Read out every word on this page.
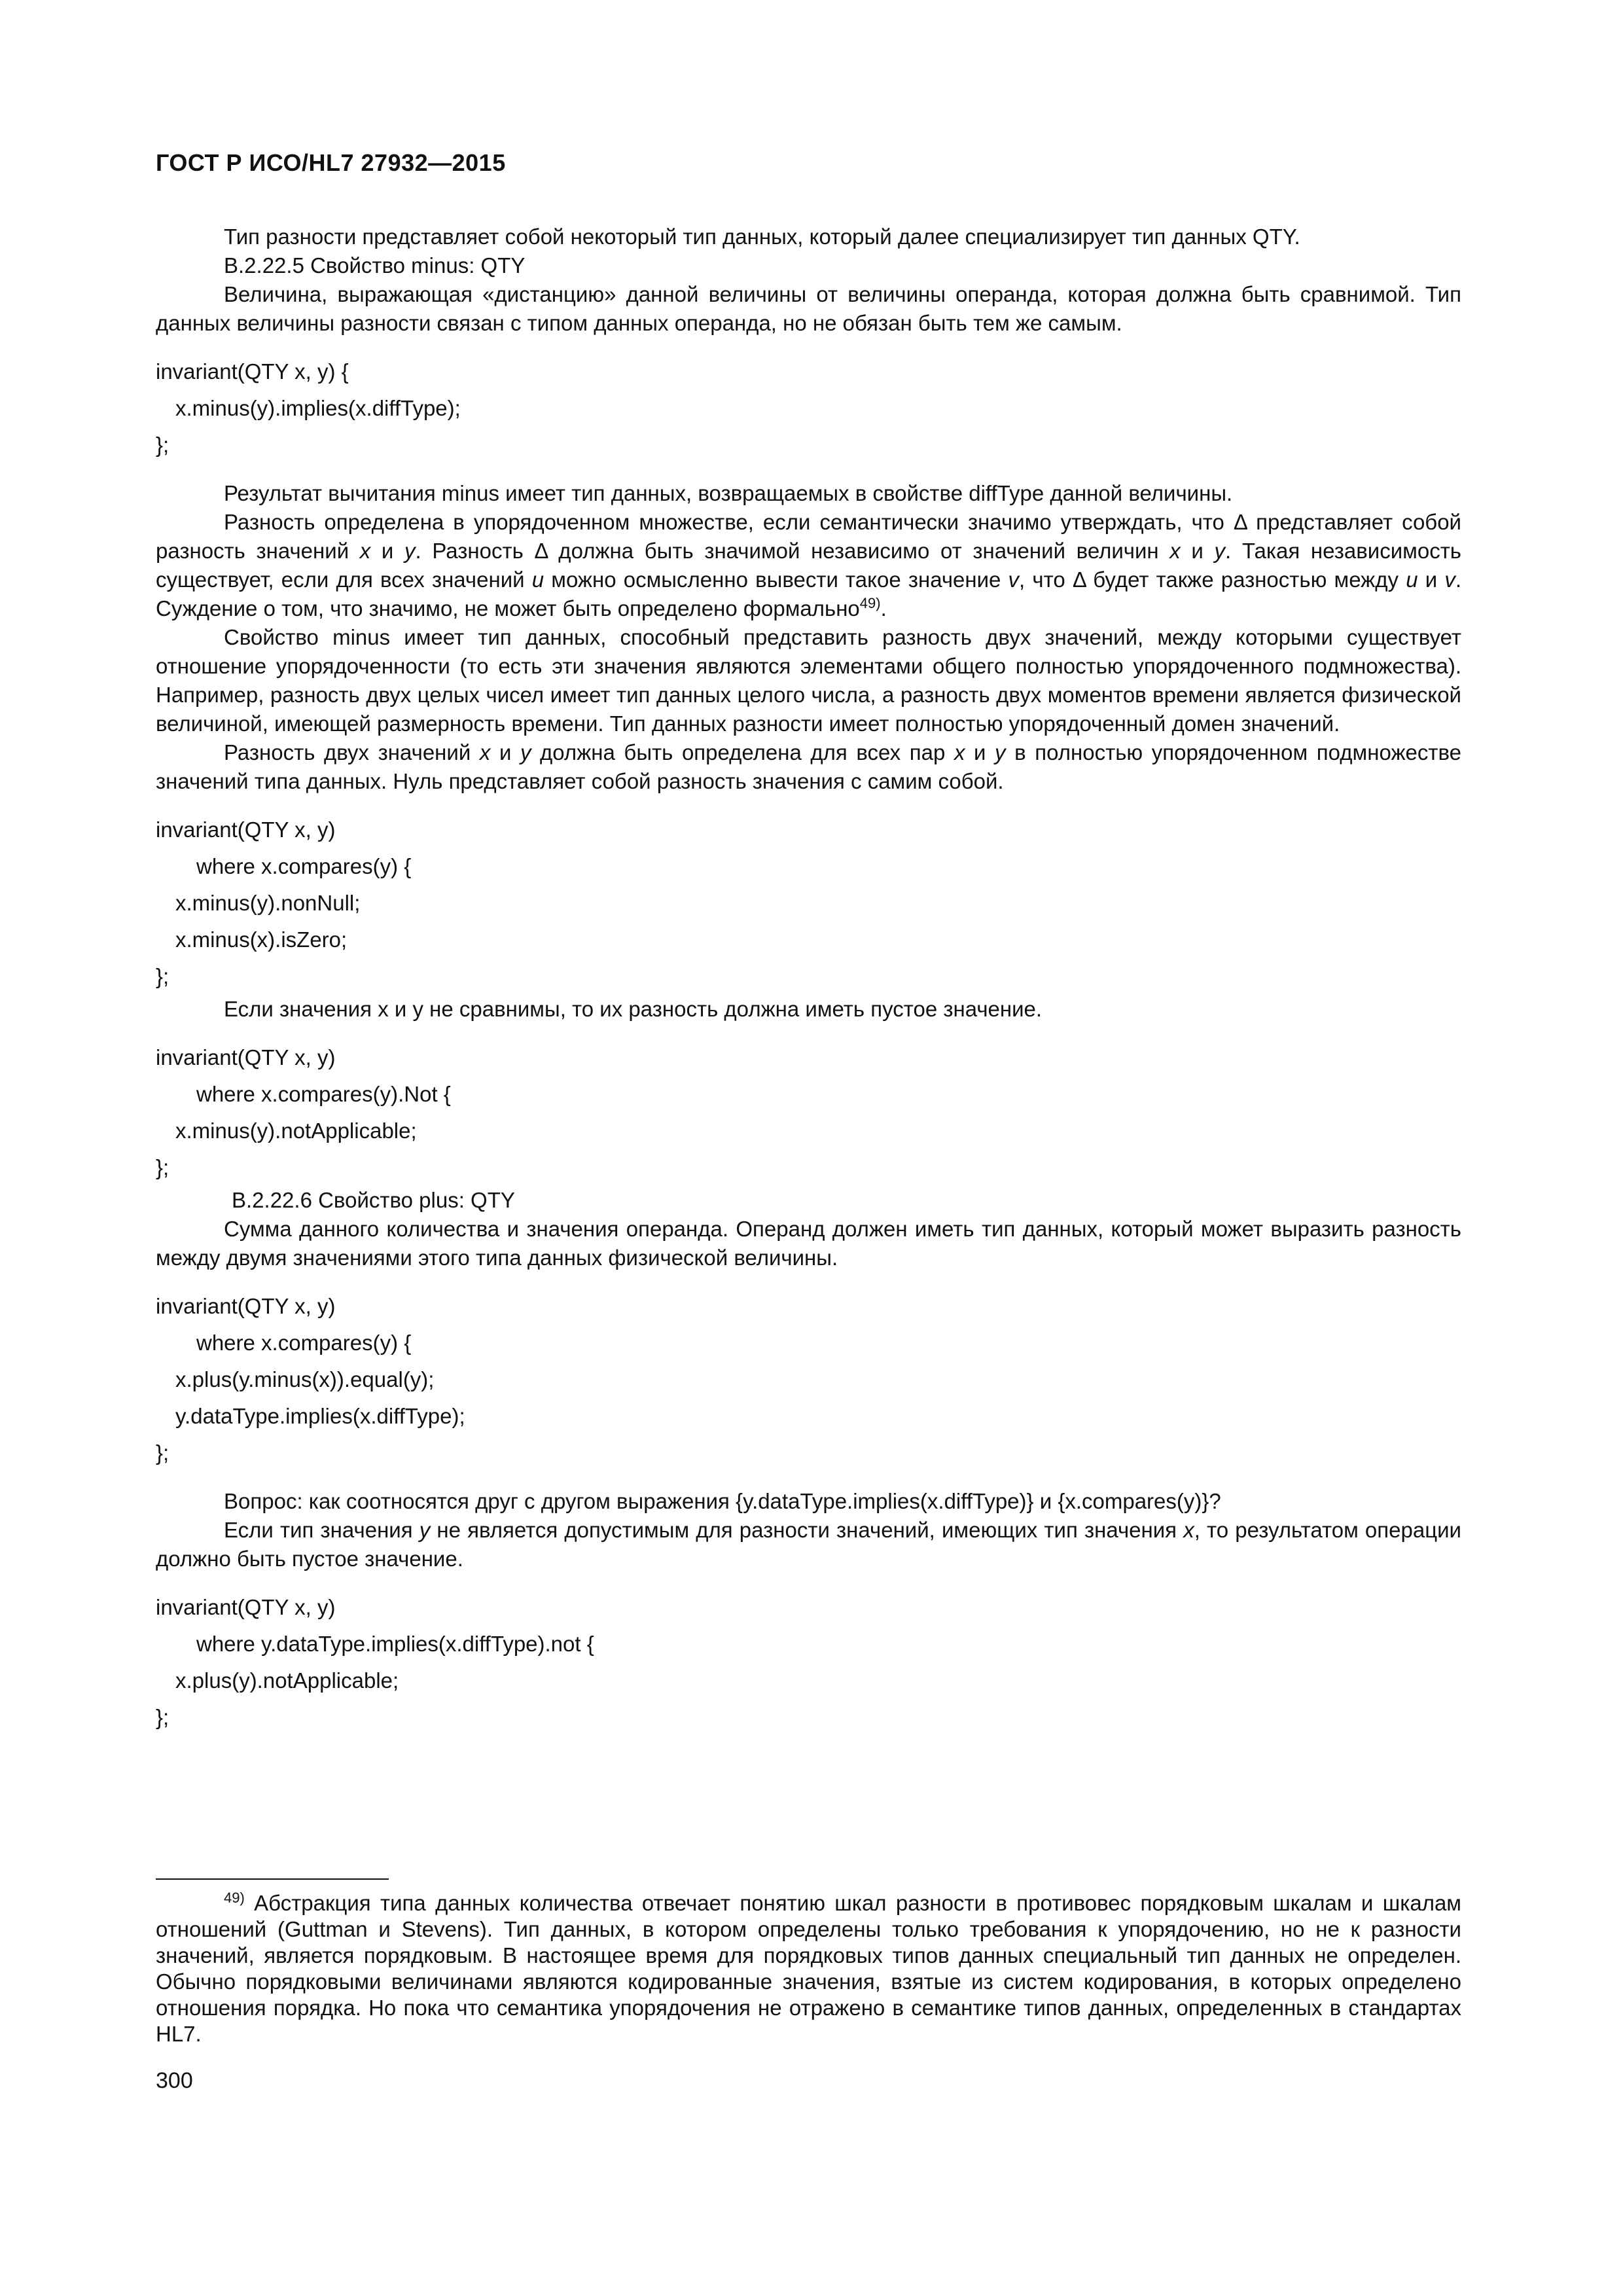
ГОСТ Р ИСО/HL7 27932—2015

Тип разности представляет собой некоторый тип данных, который далее специализирует тип данных QTY.

B.2.22.5 Свойство minus: QTY

Величина, выражающая «дистанцию» данной величины от величины операнда, которая должна быть сравнимой. Тип данных величины разности связан с типом данных операнда, но не обязан быть тем же самым.

invariant(QTY x, y) {
x.minus(y).implies(x.diffType);
};

Результат вычитания minus имеет тип данных, возвращаемых в свойстве diffType данной величины.

Разность определена в упорядоченном множестве, если семантически значимо утверждать, что Δ представляет собой разность значений x и y. Разность Δ должна быть значимой независимо от значений величин x и y. Такая независимость существует, если для всех значений u можно осмысленно вывести такое значение v, что Δ будет также разностью между u и v. Суждение о том, что значимо, не может быть определено формально$^{49)}$.

Свойство minus имеет тип данных, способный представить разность двух значений, между которыми существует отношение упорядоченности (то есть эти значения являются элементами общего полностью упорядоченного подмножества). Например, разность двух целых чисел имеет тип данных целого числа, а разность двух моментов времени является физической величиной, имеющей размерность времени. Тип данных разности имеет полностью упорядоченный домен значений.

Разность двух значений x и y должна быть определена для всех пар x и y в полностью упорядоченном подмножестве значений типа данных. Нуль представляет собой разность значения с самим собой.

invariant(QTY x, y)
where x.compares(y) {
x.minus(y).nonNull;
x.minus(x).isZero;
};

Если значения x и y не сравнимы, то их разность должна иметь пустое значение.

invariant(QTY x, y)
where x.compares(y).Not {
x.minus(y).notApplicable;
};

B.2.22.6 Свойство plus: QTY

Сумма данного количества и значения операнда. Операнд должен иметь тип данных, который может выразить разность между двумя значениями этого типа данных физической величины.

invariant(QTY x, y)
where x.compares(y) {
x.plus(y.minus(x)).equal(y);
y.dataType.implies(x.diffType);
};

Вопрос: как соотносятся друг с другом выражения {y.dataType.implies(x.diffType)} и {x.compares(y)}?

Если тип значения y не является допустимым для разности значений, имеющих тип значения x, то результатом операции должно быть пустое значение.

invariant(QTY x, y)
where y.dataType.implies(x.diffType).not {
x.plus(y).notApplicable;
};

$^{49)}$ Абстракция типа данных количества отвечает понятию шкал разности в противовес порядковым шкалам и шкалам отношений (Guttman и Stevens). Тип данных, в котором определены только требования к упорядочению, но не к разности значений, является порядковым. В настоящее время для порядковых типов данных специальный тип данных не определен. Обычно порядковыми величинами являются кодированные значения, взятые из систем кодирования, в которых определено отношения порядка. Но пока что семантика упорядочения не отражено в семантике типов данных, определенных в стандартах HL7.

300
